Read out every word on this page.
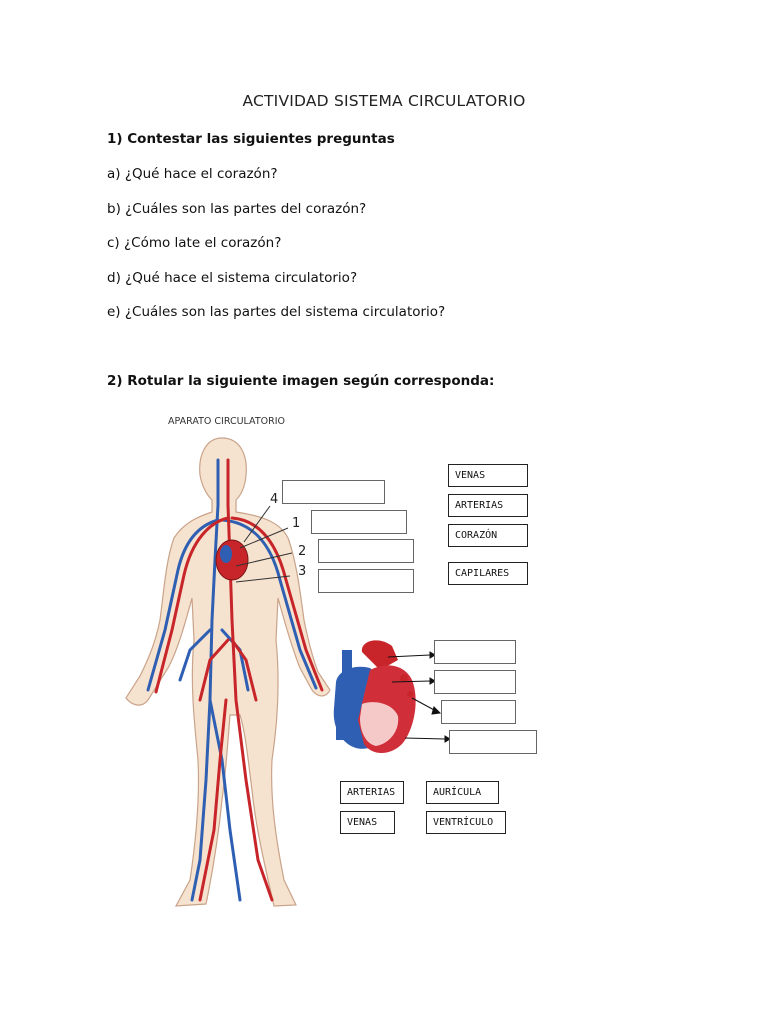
ACTIVIDAD SISTEMA CIRCULATORIO
1) Contestar las siguientes preguntas
a) ¿Qué hace el corazón?
b) ¿Cuáles son las partes del corazón?
c) ¿Cómo late el corazón?
d) ¿Qué hace el sistema circulatorio?
e) ¿Cuáles son las partes del sistema circulatorio?
2) Rotular la siguiente imagen según corresponda:
APARATO CIRCULATORIO
4
1
2
3
VENAS
ARTERIAS
CORAZÓN
CAPILARES
ARTERIAS	AURÍCULA
VENAS	VENTRÍCULO
